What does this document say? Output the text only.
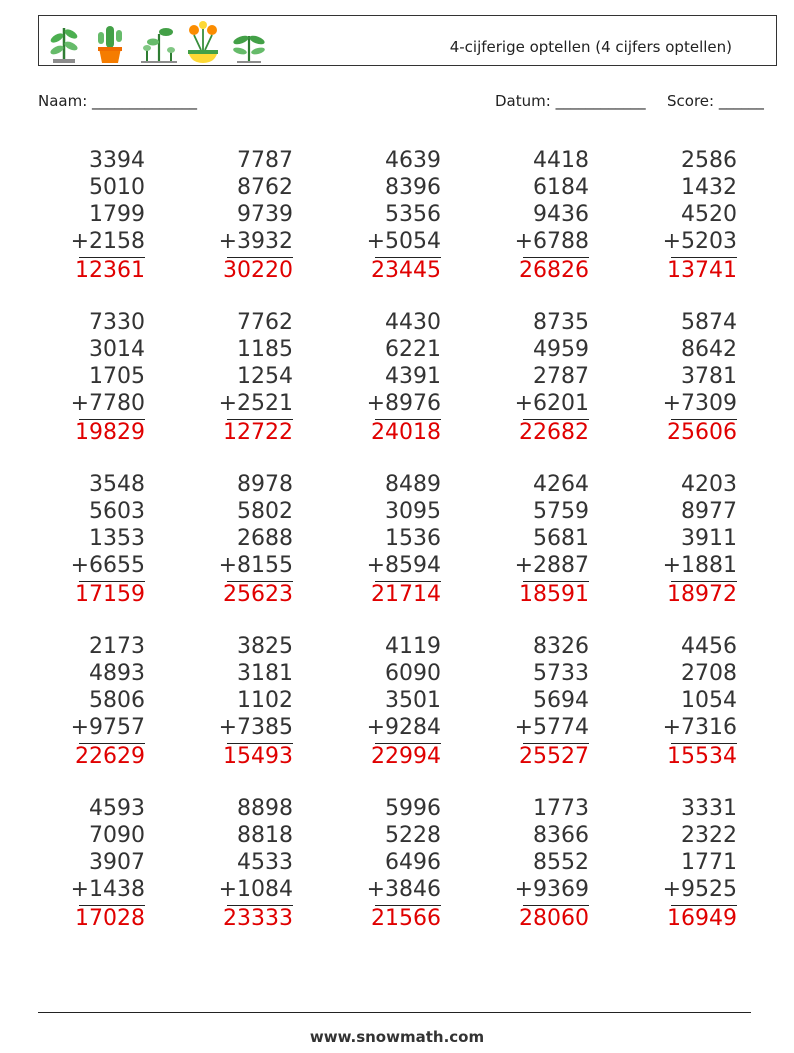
4-cijferige optellen (4 cijfers optellen)
Naam: ______________	Datum: ____________ Score: ______
3394
5010
1799
+2158
12361
7787
8762
9739
+3932
30220
4639
8396
5356
+5054
23445
4418
6184
9436
+6788
26826
2586
1432
4520
+5203
13741
7330
3014
1705
+7780
19829
7762
1185
1254
+2521
12722
4430
6221
4391
+8976
24018
8735
4959
2787
+6201
22682
5874
8642
3781
+7309
25606
3548
5603
1353
+6655
17159
8978
5802
2688
+8155
25623
8489
3095
1536
+8594
21714
4264
5759
5681
+2887
18591
4203
8977
3911
+1881
18972
2173
4893
5806
+9757
22629
3825
3181
1102
+7385
15493
4119
6090
3501
+9284
22994
8326
5733
5694
+5774
25527
4456
2708
1054
+7316
15534
4593
7090
3907
+1438
17028
8898
8818
4533
+1084
23333
5996
5228
6496
+3846
21566
1773
8366
8552
+9369
28060
3331
2322
1771
+9525
16949
www.snowmath.com
